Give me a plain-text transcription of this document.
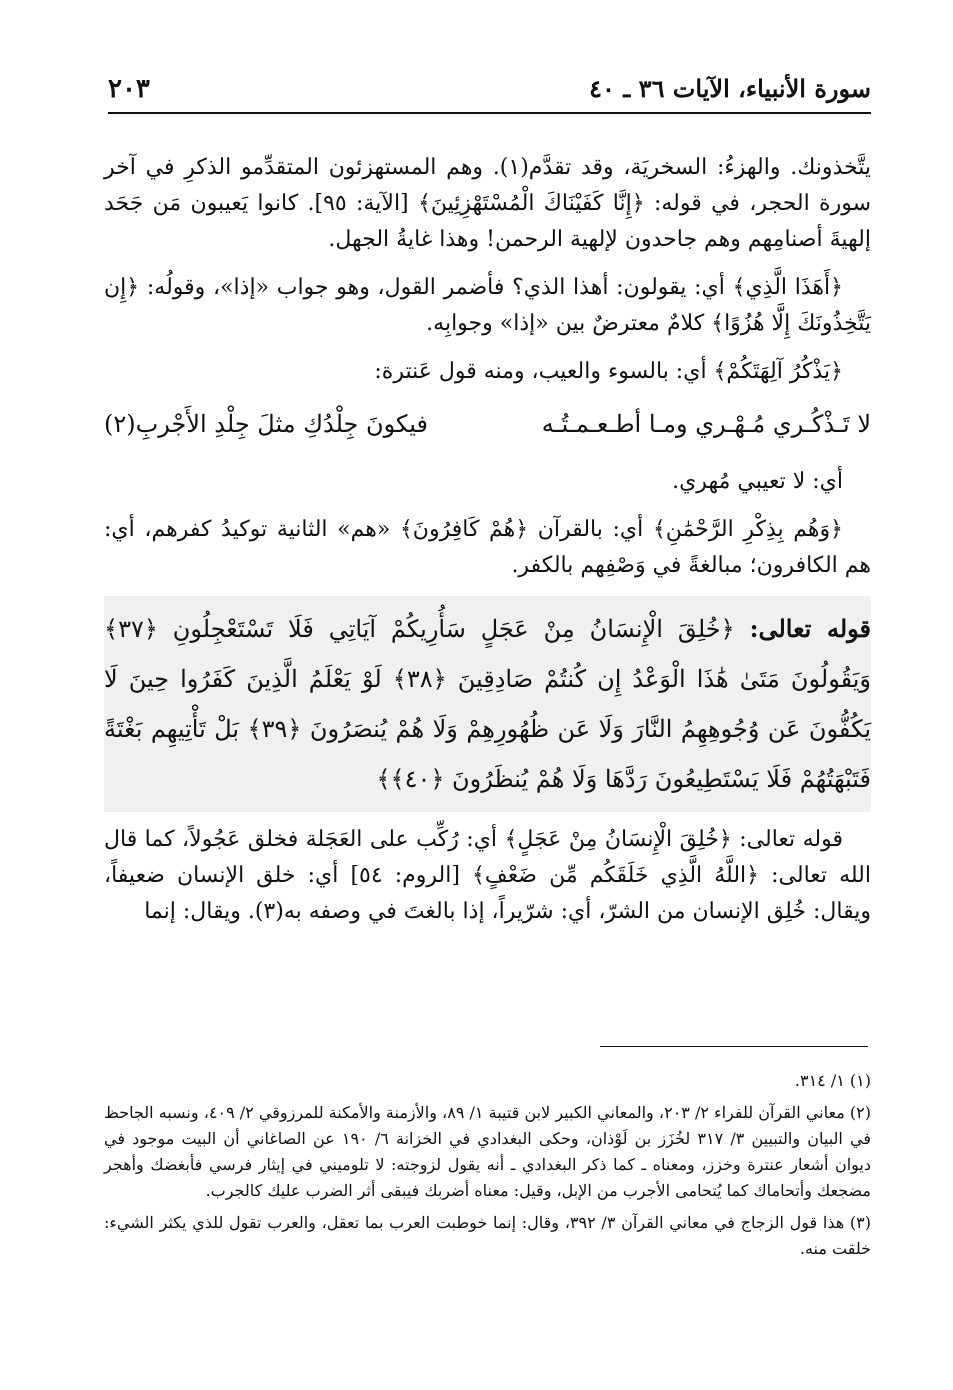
سورة الأنبياء، الآيات ٣٦ ـ ٤٠
٢٠٣

يتَّخذونك. والهزءُ: السخريَة، وقد تقدَّم(١). وهم المستهزئون المتقدِّمو الذكرِ في آخر سورة الحجر، في قوله: ﴿إِنَّا كَفَيْنَاكَ الْمُسْتَهْزِئِينَ﴾ [الآية: ٩٥]. كانوا يَعيبون مَن جَحَد إلهيةَ أصنامِهم وهم جاحدون لإلهية الرحمن! وهذا غايةُ الجهل.

﴿أَهَذَا الَّذِي﴾ أي: يقولون: أهذا الذي؟ فأضمر القول، وهو جواب «إذا»، وقولُه: ﴿إِن يَتَّخِذُونَكَ إِلَّا هُزُوًا﴾ كلامٌ معترضٌ بين «إذا» وجوابِه.

﴿يَذْكُرُ آلِهَتَكُمْ﴾ أي: بالسوء والعيب، ومنه قول عَنترة:

لا تَـذْكُـري مُـهْـري ومـا أطـعـمـتُـه
فيكونَ جِلْدُكِ مثلَ جِلْدِ الأَجْربِ(٢)

أي: لا تعيبي مُهري.

﴿وَهُم بِذِكْرِ الرَّحْمَٰنِ﴾ أي: بالقرآن ﴿هُمْ كَافِرُونَ﴾ «هم» الثانية توكيدُ كفرهم، أي: هم الكافرون؛ مبالغةً في وَصْفِهم بالكفر.

قوله تعالى: ﴿خُلِقَ الْإِنسَانُ مِنْ عَجَلٍ سَأُرِيكُمْ آيَاتِي فَلَا تَسْتَعْجِلُونِ ﴿٣٧﴾ وَيَقُولُونَ مَتَىٰ هَٰذَا الْوَعْدُ إِن كُنتُمْ صَادِقِينَ ﴿٣٨﴾ لَوْ يَعْلَمُ الَّذِينَ كَفَرُوا حِينَ لَا يَكُفُّونَ عَن وُجُوهِهِمُ النَّارَ وَلَا عَن ظُهُورِهِمْ وَلَا هُمْ يُنصَرُونَ ﴿٣٩﴾ بَلْ تَأْتِيهِم بَغْتَةً فَتَبْهَتُهُمْ فَلَا يَسْتَطِيعُونَ رَدَّهَا وَلَا هُمْ يُنظَرُونَ ﴿٤٠﴾﴾

قوله تعالى: ﴿خُلِقَ الْإِنسَانُ مِنْ عَجَلٍ﴾ أي: رُكِّب على العَجَلة فخلق عَجُولاً، كما قال الله تعالى: ﴿اللَّهُ الَّذِي خَلَقَكُم مِّن ضَعْفٍ﴾ [الروم: ٥٤] أي: خلق الإنسان ضعيفاً، ويقال: خُلِق الإنسان من الشرّ، أي: شرّيراً، إذا بالغتَ في وصفه به(٣). ويقال: إنما

(١) ١/ ٣١٤.

(٢) معاني القرآن للفراء ٢/ ٢٠٣، والمعاني الكبير لابن قتيبة ١/ ٨٩، والأزمنة والأمكنة للمرزوقي ٢/ ٤٠٩، ونسبه الجاحظ في البيان والتبيين ٣/ ٣١٧ لخُزَز بن لَوْذان، وحكى البغدادي في الخزانة ٦/ ١٩٠ عن الصاغاني أن البيت موجود في ديوان أشعار عنترة وخزز، ومعناه ـ كما ذكر البغدادي ـ أنه يقول لزوجته: لا تلوميني في إيثار فرسي فأبغضك وأهجر مضجعك وأتحاماك كما يُتحامى الأجرب من الإبل، وقيل: معناه أضربك فيبقى أثر الضرب عليك كالجرب.

(٣) هذا قول الزجاج في معاني القرآن ٣/ ٣٩٢، وقال: إنما خوطبت العرب بما تعقل، والعرب تقول للذي يكثر الشيء: خلقت منه.
